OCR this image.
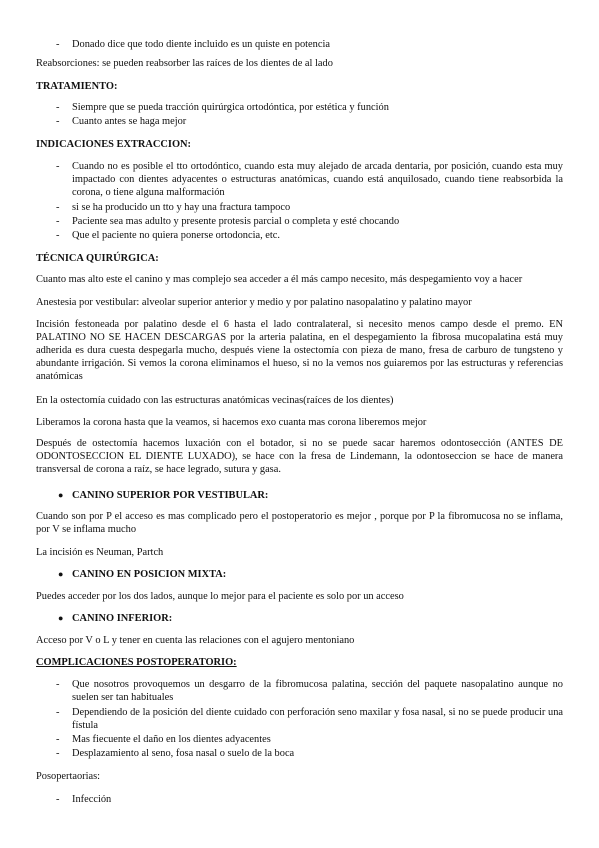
- Donado dice que todo diente incluido es un quiste en potencia
Reabsorciones: se pueden reabsorber las raíces de los dientes de al lado
TRATAMIENTO:
- Siempre que se pueda tracción quirúrgica ortodóntica, por estética y función
- Cuanto antes se haga mejor
INDICACIONES EXTRACCION:
- Cuando no es posible el tto ortodóntico, cuando esta muy alejado de arcada dentaria, por posición, cuando esta muy impactado con dientes adyacentes o estructuras anatómicas, cuando está anquilosado, cuando tiene reabsorbida la corona, o tiene alguna malformación
- si se ha producido un tto y hay una fractura tampoco
- Paciente sea mas adulto y presente protesis parcial o completa y esté chocando
- Que el paciente no quiera ponerse ortodoncia, etc.
TÉCNICA QUIRÚRGICA:
Cuanto mas alto este el canino y mas complejo sea acceder a él más campo necesito, más despegamiento voy a hacer
Anestesia por vestibular: alveolar superior anterior y medio y por palatino nasopalatino y palatino mayor
Incisión festoneada por palatino desde el 6 hasta el lado contralateral, si necesito menos campo desde el premo. EN PALATINO NO SE HACEN DESCARGAS por la arteria palatina, en el despegamiento la fibrosa mucopalatina está muy adherida es dura cuesta despegarla mucho, después viene la ostectomía con pieza de mano, fresa de carburo de tungsteno y abundante irrigación. Si vemos la corona eliminamos el hueso, si no la vemos nos guiaremos por las estructuras y referencias anatómicas
En la ostectomía cuidado con las estructuras anatómicas vecinas(raíces de los dientes)
Liberamos la corona hasta que la veamos, si hacemos exo cuanta mas corona liberemos mejor
Después de ostectomía hacemos luxación con el botador, si no se puede sacar haremos odontosección (ANTES DE ODONTOSECCION EL DIENTE LUXADO), se hace con la fresa de Lindemann, la odontoseccion se hace de manera transversal de corona a raíz, se hace legrado, sutura y gasa.
● CANINO SUPERIOR POR VESTIBULAR:
Cuando son por P el acceso es mas complicado pero el postoperatorio es mejor , porque por P la fibromucosa no se inflama, por V se inflama mucho
La incisión es Neuman, Partch
● CANINO EN POSICION MIXTA:
Puedes acceder por los dos lados, aunque lo mejor para el paciente es solo por un acceso
● CANINO INFERIOR:
Acceso por V o L y tener en cuenta las relaciones con el agujero mentoniano
COMPLICACIONES POSTOPERATORIO:
- Que nosotros provoquemos un desgarro de la fibromucosa palatina, sección del paquete nasopalatino aunque no suelen ser tan habituales
- Dependiendo de la posición del diente cuidado con perforación seno maxilar y fosa nasal, si no se puede producir una fístula
- Mas fiecuente el daño en los dientes adyacentes
- Desplazamiento al seno, fosa nasal o suelo de la boca
Posopertaorias:
- Infección
